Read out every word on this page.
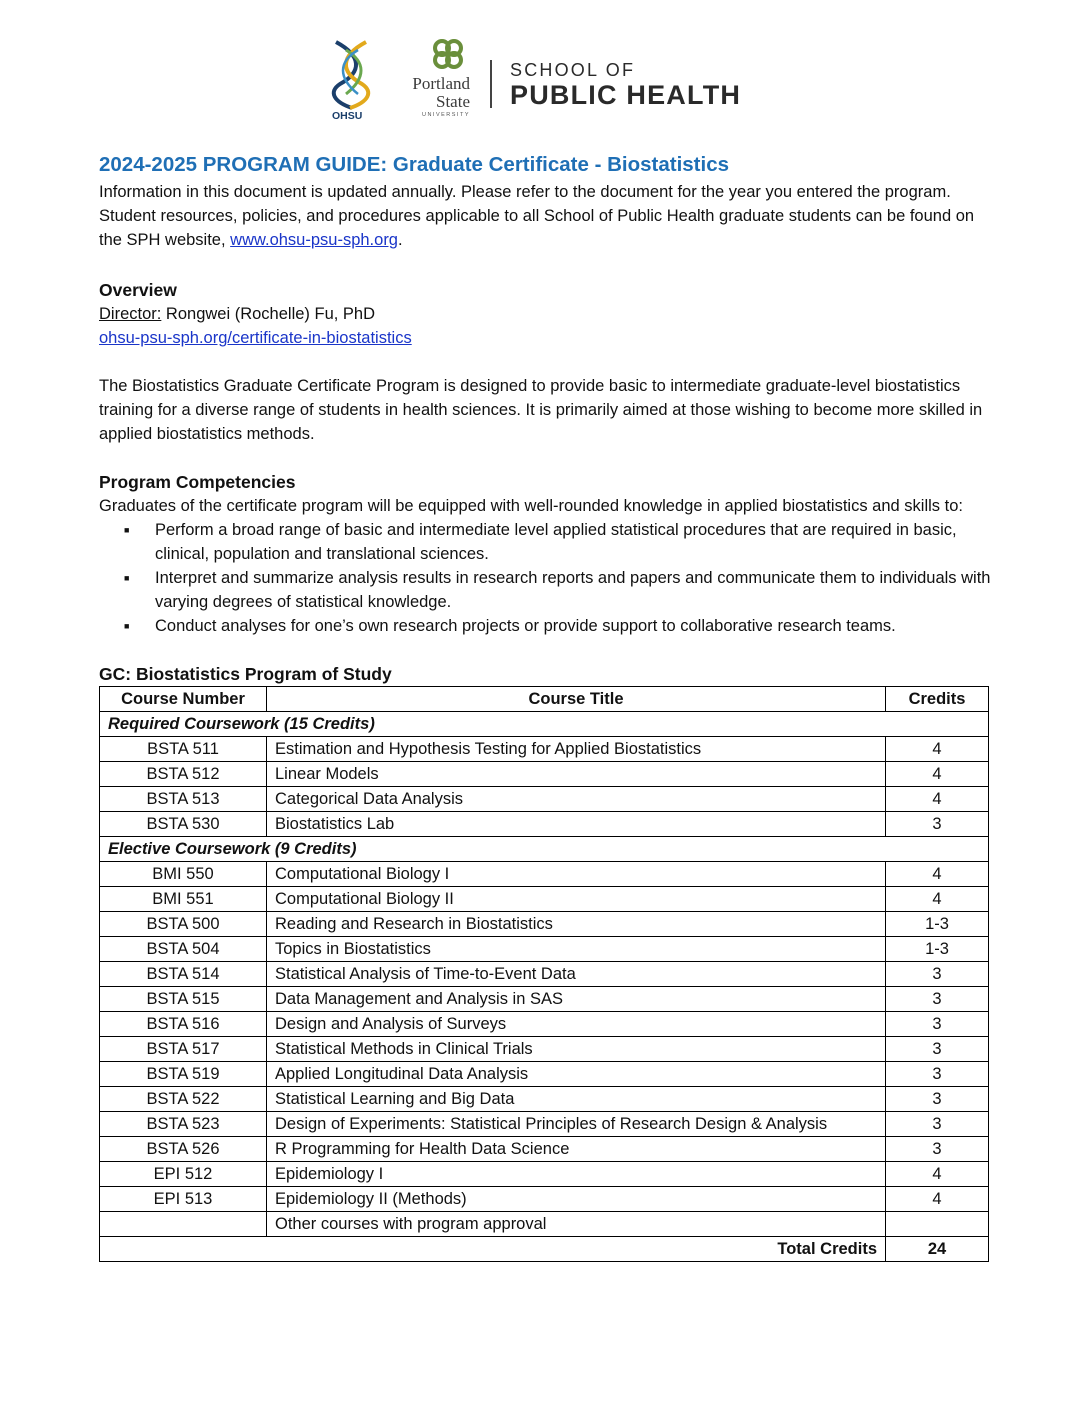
OHSU
Portland
State
UNIVERSITY
SCHOOL OF
PUBLIC HEALTH
2024-2025 PROGRAM GUIDE: Graduate Certificate - Biostatistics

Information in this document is updated annually. Please refer to the document for the year you entered the program. Student resources, policies, and procedures applicable to all School of Public Health graduate students can be found on the SPH website, www.ohsu-psu-sph.org.

Overview

Director: Rongwei (Rochelle) Fu, PhD

ohsu-psu-sph.org/certificate-in-biostatistics

The Biostatistics Graduate Certificate Program is designed to provide basic to intermediate graduate-level biostatistics training for a diverse range of students in health sciences. It is primarily aimed at those wishing to become more skilled in applied biostatistics methods.

Program Competencies

Graduates of the certificate program will be equipped with well-rounded knowledge in applied biostatistics and skills to:

■ Perform a broad range of basic and intermediate level applied statistical procedures that are required in basic, clinical, population and translational sciences.
■ Interpret and summarize analysis results in research reports and papers and communicate them to individuals with varying degrees of statistical knowledge.
■ Conduct analyses for one’s own research projects or provide support to collaborative research teams.
GC: Biostatistics Program of Study
Course Number	Course Title	Credits
Required Coursework (15 Credits)		
BSTA 511	Estimation and Hypothesis Testing for Applied Biostatistics	4
BSTA 512	Linear Models	4
BSTA 513	Categorical Data Analysis	4
BSTA 530	Biostatistics Lab	3
Elective Coursework (9 Credits)		
BMI 550	Computational Biology I	4
BMI 551	Computational Biology II	4
BSTA 500	Reading and Research in Biostatistics	1-3
BSTA 504	Topics in Biostatistics	1-3
BSTA 514	Statistical Analysis of Time-to-Event Data	3
BSTA 515	Data Management and Analysis in SAS	3
BSTA 516	Design and Analysis of Surveys	3
BSTA 517	Statistical Methods in Clinical Trials	3
BSTA 519	Applied Longitudinal Data Analysis	3
BSTA 522	Statistical Learning and Big Data	3
BSTA 523	Design of Experiments: Statistical Principles of Research Design & Analysis	3
BSTA 526	R Programming for Health Data Science	3
EPI 512	Epidemiology I	4
EPI 513	Epidemiology II (Methods)	4
	Other courses with program approval	
Total Credits		24
